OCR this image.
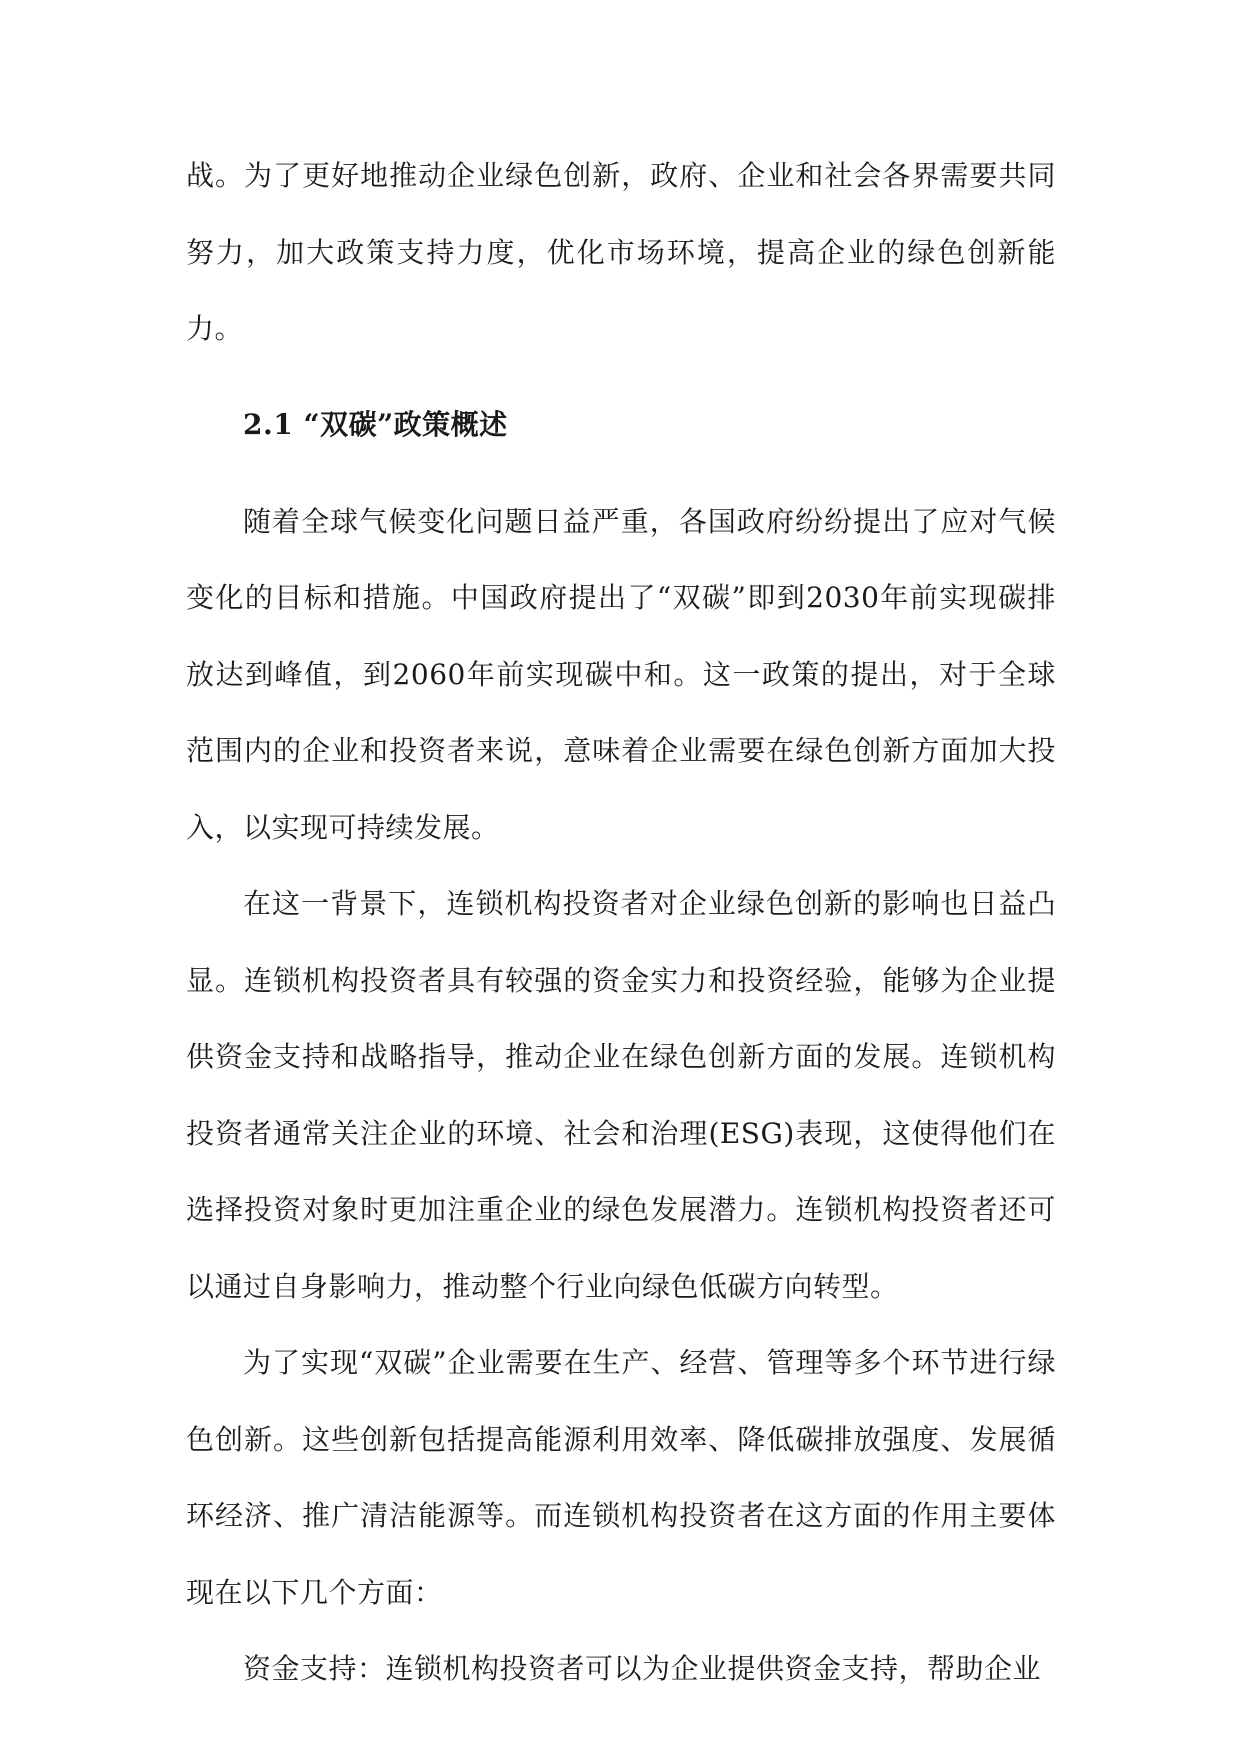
战。为了更好地推动企业绿色创新，政府、企业和社会各界需要共同努力，加大政策支持力度，优化市场环境，提高企业的绿色创新能力。

2.1 “双碳”政策概述

随着全球气候变化问题日益严重，各国政府纷纷提出了应对气候变化的目标和措施。中国政府提出了“双碳”即到2030年前实现碳排放达到峰值，到2060年前实现碳中和。这一政策的提出，对于全球范围内的企业和投资者来说，意味着企业需要在绿色创新方面加大投入，以实现可持续发展。

在这一背景下，连锁机构投资者对企业绿色创新的影响也日益凸显。连锁机构投资者具有较强的资金实力和投资经验，能够为企业提供资金支持和战略指导，推动企业在绿色创新方面的发展。连锁机构投资者通常关注企业的环境、社会和治理(ESG)表现，这使得他们在选择投资对象时更加注重企业的绿色发展潜力。连锁机构投资者还可以通过自身影响力，推动整个行业向绿色低碳方向转型。

为了实现“双碳”企业需要在生产、经营、管理等多个环节进行绿色创新。这些创新包括提高能源利用效率、降低碳排放强度、发展循环经济、推广清洁能源等。而连锁机构投资者在这方面的作用主要体现在以下几个方面：

资金支持：连锁机构投资者可以为企业提供资金支持，帮助企业
